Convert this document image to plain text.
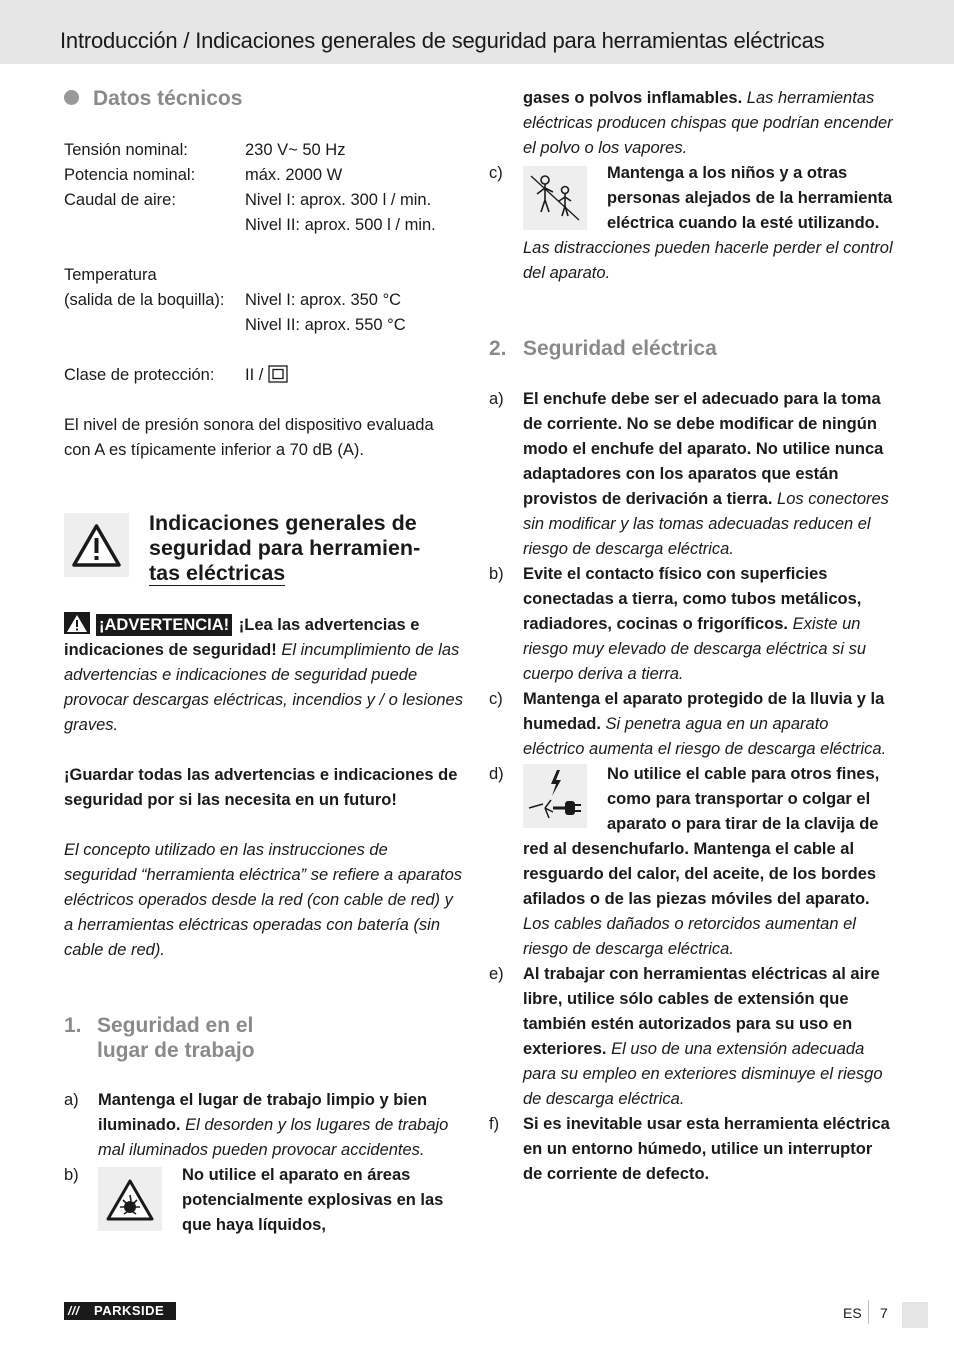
Introducción / Indicaciones generales de seguridad para herramientas eléctricas
Datos técnicos
Tensión nominal:	230 V~ 50 Hz
Potencia nominal:	máx. 2000 W
Caudal de aire:	Nivel I: aprox. 300 l / min.
	Nivel II: aprox. 500 l / min.

Temperatura	
(salida de la boquilla):	Nivel I: aprox. 350 °C
	Nivel II: aprox. 550 °C

Clase de protección:	II /

El nivel de presión sonora del dispositivo evaluada con A es típicamente inferior a 70 dB (A).

Indicaciones generales de
seguridad para herramien-
tas eléctricas

¡ADVERTENCIA! ¡Lea las advertencias e indicaciones de seguridad! El incumplimiento de las advertencias e indicaciones de seguridad puede provocar descargas eléctricas, incendios y / o lesiones graves.

¡Guardar todas las advertencias e indicaciones de seguridad por si las necesita en un futuro!

El concepto utilizado en las instrucciones de seguridad “herramienta eléctrica” se refiere a aparatos eléctricos operados desde la red (con cable de red) y a herramientas eléctricas operadas con batería (sin cable de red).

1. Seguridad en el
lugar de trabajo
a) Mantenga el lugar de trabajo limpio y bien iluminado. El desorden y los lugares de trabajo mal iluminados pueden provocar accidentes.
b)	No utilice el aparato en áreas potencialmente explosivas en las que haya líquidos,

gases o polvos inflamables. Las herramientas eléctricas producen chispas que podrían encender el polvo o los vapores.

c)	Mantenga a los niños y a otras personas alejados de la herramienta eléctrica cuando la esté utilizando. Las distracciones pueden hacerle perder el control del aparato.
2. Seguridad eléctrica
a) El enchufe debe ser el adecuado para la toma de corriente. No se debe modificar de ningún modo el enchufe del aparato. No utilice nunca adaptadores con los aparatos que están provistos de derivación a tierra. Los conectores sin modificar y las tomas adecuadas reducen el riesgo de descarga eléctrica.
b) Evite el contacto físico con superficies conectadas a tierra, como tubos metálicos, radiadores, cocinas o frigoríficos. Existe un riesgo muy elevado de descarga eléctrica si su cuerpo deriva a tierra.
c) Mantenga el aparato protegido de la lluvia y la humedad. Si penetra agua en un aparato eléctrico aumenta el riesgo de descarga eléctrica.
d)	No utilice el cable para otros fines, como para transportar o colgar el aparato o para tirar de la clavija de red al desenchufarlo. Mantenga el cable al resguardo del calor, del aceite, de los bordes afilados o de las piezas móviles del aparato. Los cables dañados o retorcidos aumentan el riesgo de descarga eléctrica.
e) Al trabajar con herramientas eléctricas al aire libre, utilice sólo cables de extensión que también estén autorizados para su uso en exteriores. El uso de una extensión adecuada para su empleo en exteriores disminuye el riesgo de descarga eléctrica.
f) Si es inevitable usar esta herramienta eléctrica en un entorno húmedo, utilice un interruptor de corriente de defecto.
/// PARKSIDE	ES 7
